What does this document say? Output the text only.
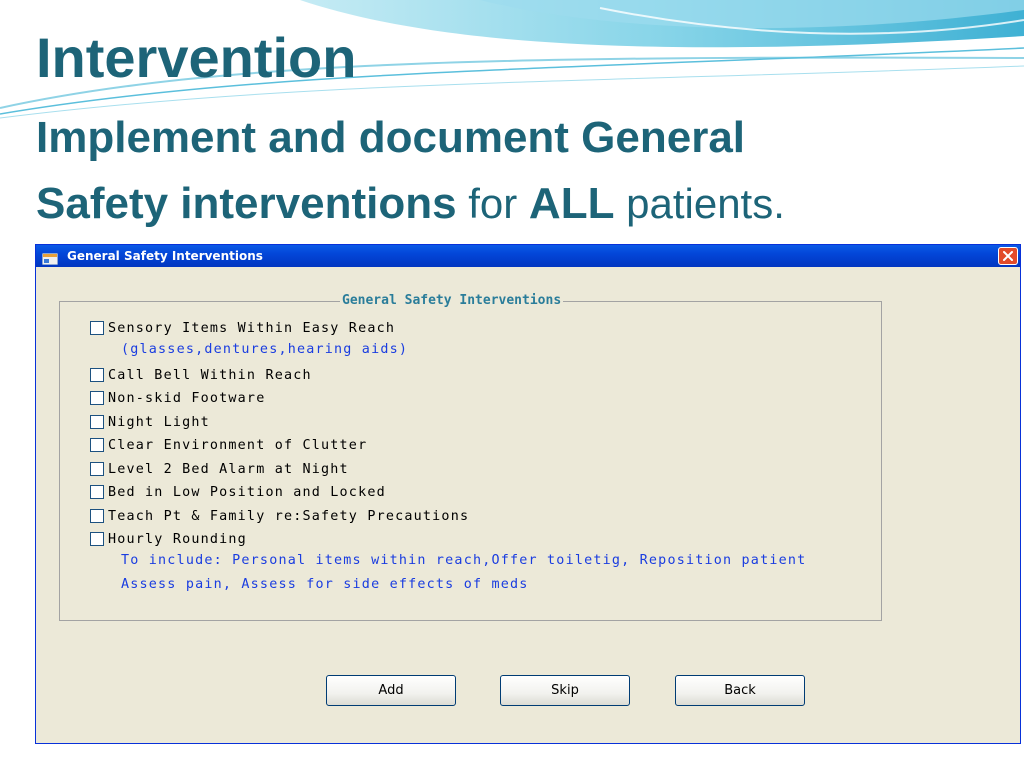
Intervention

Implement and document General
Safety interventions for ALL patients.

General Safety Interventions
General Safety Interventions
Sensory Items Within Easy Reach
(glasses,dentures,hearing aids)
Call Bell Within Reach
Non-skid Footware
Night Light
Clear Environment of Clutter
Level 2 Bed Alarm at Night
Bed in Low Position and Locked
Teach Pt & Family re:Safety Precautions
Hourly Rounding
To include: Personal items within reach,Offer toiletig, Reposition patient
Assess pain, Assess for side effects of meds
Add	Skip	Back
